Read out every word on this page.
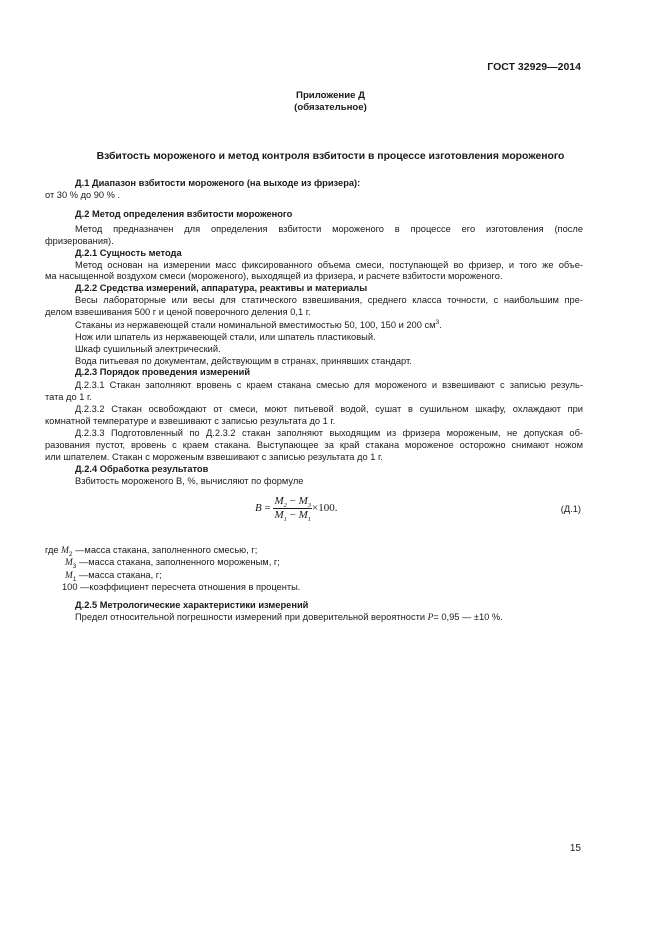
ГОСТ 32929—2014
Приложение Д
(обязательное)
Взбитость мороженого и метод контроля взбитости в процессе изготовления мороженого
Д.1 Диапазон взбитости мороженого (на выходе из фризера):
от 30 % до 90 % .
Д.2 Метод определения взбитости мороженого
Метод предназначен для определения взбитости мороженого в процессе его изготовления (после
фризерования).
Д.2.1 Сущность метода
Метод основан на измерении масс фиксированного объема смеси, поступающей во фризер, и того же объе-
ма насыщенной воздухом смеси (мороженого), выходящей из фризера, и расчете взбитости мороженого.
Д.2.2 Средства измерений, аппаратура, реактивы и материалы
Весы лабораторные или весы для статического взвешивания, среднего класса точности, с наибольшим пре-
делом взвешивания 500 г и ценой поверочного деления 0,1 г.
Стаканы из нержавеющей стали номинальной вместимостью 50, 100, 150 и 200 $см^3$.
Нож или шпатель из нержавеющей стали, или шпатель пластиковый.
Шкаф сушильный электрический.
Вода питьевая по документам, действующим в странах, принявших стандарт.
Д.2.3 Порядок проведения измерений
Д.2.3.1 Стакан заполняют вровень с краем стакана смесью для мороженого и взвешивают с записью резуль-
тата до 1 г.
Д.2.3.2 Стакан освобождают от смеси, моют питьевой водой, сушат в сушильном шкафу, охлаждают при
комнатной температуре и взвешивают с записью результата до 1 г.
Д.2.3.3 Подготовленный по Д.2.3.2 стакан заполняют выходящим из фризера мороженым, не допуская об-
разования пустот, вровень с краем стакана. Выступающее за край стакана мороженое осторожно снимают ножом
или шпателем. Стакан с мороженым взвешивают с записью результата до 1 г.
Д.2.4 Обработка результатов
Взбитость мороженого В, %, вычисляют по формуле
$B = \frac{M_2 - M_3}{M_1 - M_1} \times 100$.	(Д.1)
где $M_2$ —масса стакана, заполненного смесью, г;
$M_3$ —масса стакана, заполненного мороженым, г;
$M_1$ —масса стакана, г;
100 —коэффициент пересчета отношения в проценты.
Д.2.5 Метрологические характеристики измерений
Предел относительной погрешности измерений при доверительной вероятности P= 0,95 — ±10 %.
15
